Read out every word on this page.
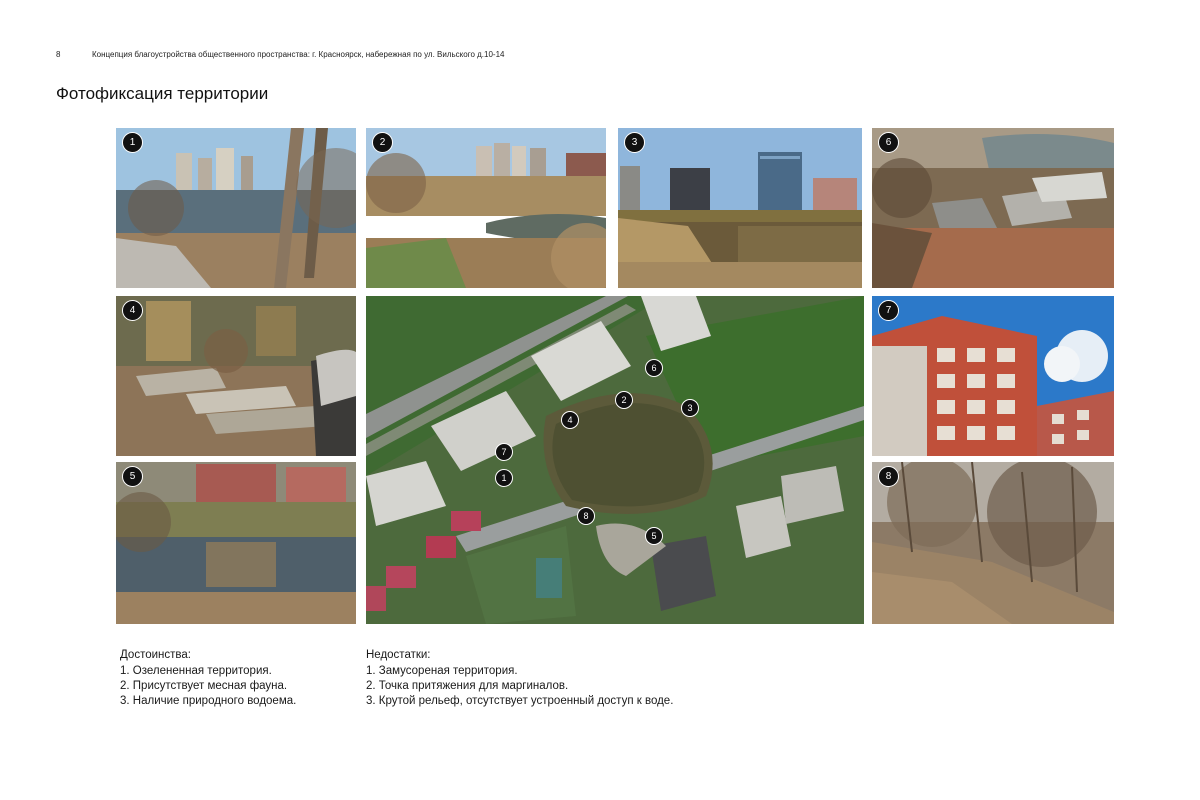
8	Концепция благоустройства общественного пространства: г. Красноярск, набережная по ул. Вильского д.10-14
Фотофиксация территории
1	2	3	6
4
6
2
3
4
7
1
8
5
7
5	8
Достоинства:
1. Озелененная территория.
2. Присутствует месная фауна.
3. Наличие природного водоема.
Недостатки:
1. Замусореная территория.
2. Точка притяжения для маргиналов.
3. Крутой рельеф, отсутствует устроенный доступ к воде.
